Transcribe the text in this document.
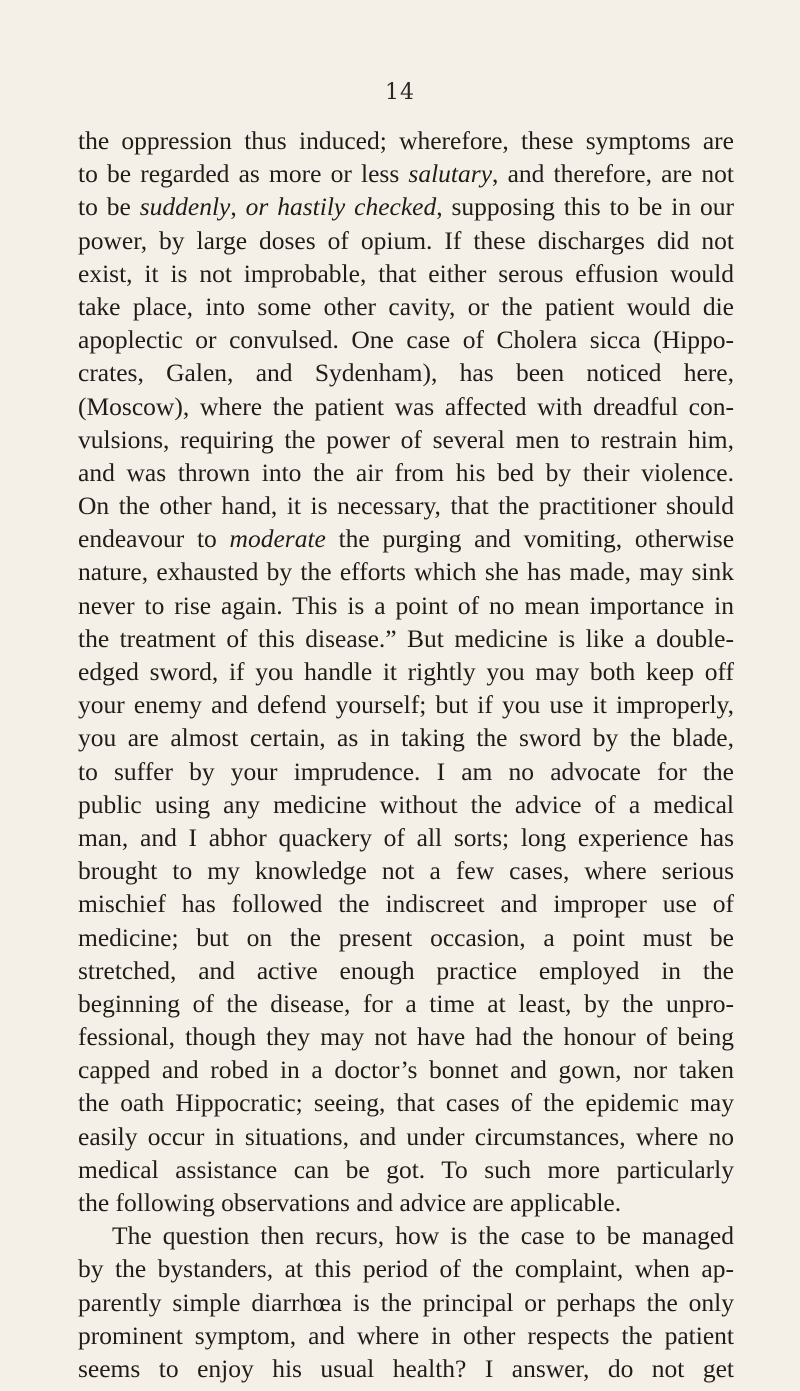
14
the oppression thus induced; wherefore, these symptoms are
to be regarded as more or less salutary, and therefore, are not
to be suddenly, or hastily checked, supposing this to be in our
power, by large doses of opium. If these discharges did not
exist, it is not improbable, that either serous effusion would
take place, into some other cavity, or the patient would die
apoplectic or convulsed. One case of Cholera sicca (Hippo-
crates, Galen, and Sydenham), has been noticed here,
(Moscow), where the patient was affected with dreadful con-
vulsions, requiring the power of several men to restrain him,
and was thrown into the air from his bed by their violence.
On the other hand, it is necessary, that the practitioner should
endeavour to moderate the purging and vomiting, otherwise
nature, exhausted by the efforts which she has made, may sink
never to rise again. This is a point of no mean importance in
the treatment of this disease.” But medicine is like a double-
edged sword, if you handle it rightly you may both keep off
your enemy and defend yourself; but if you use it improperly,
you are almost certain, as in taking the sword by the blade,
to suffer by your imprudence. I am no advocate for the
public using any medicine without the advice of a medical
man, and I abhor quackery of all sorts; long experience has
brought to my knowledge not a few cases, where serious
mischief has followed the indiscreet and improper use of
medicine; but on the present occasion, a point must be
stretched, and active enough practice employed in the
beginning of the disease, for a time at least, by the unpro-
fessional, though they may not have had the honour of being
capped and robed in a doctor’s bonnet and gown, nor taken
the oath Hippocratic; seeing, that cases of the epidemic may
easily occur in situations, and under circumstances, where no
medical assistance can be got. To such more particularly
the following observations and advice are applicable.
The question then recurs, how is the case to be managed
by the bystanders, at this period of the complaint, when ap-
parently simple diarrhœa is the principal or perhaps the only
prominent symptom, and where in other respects the patient
seems to enjoy his usual health? I answer, do not get
